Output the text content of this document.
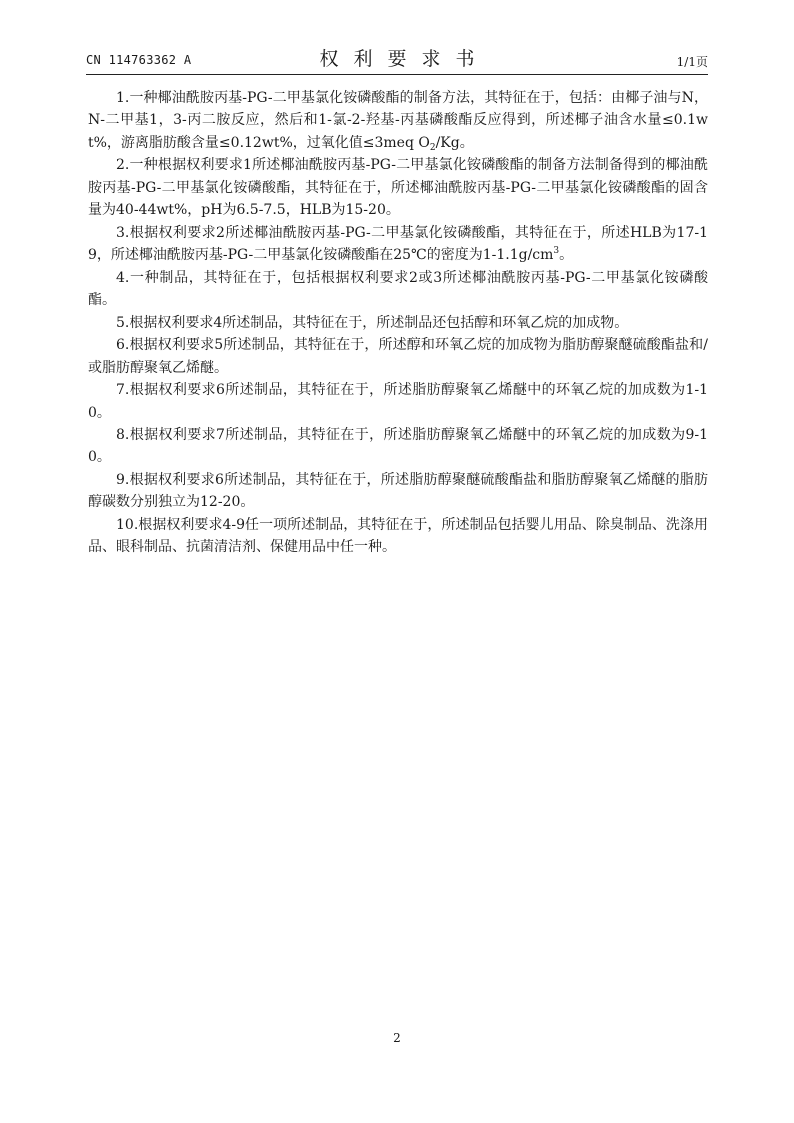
CN 114763362 A	权利要求书	1/1页

1.一种椰油酰胺丙基-PG-二甲基氯化铵磷酸酯的制备方法，其特征在于，包括：由椰子油与N，N-二甲基1，3-丙二胺反应，然后和1-氯-2-羟基-丙基磷酸酯反应得到，所述椰子油含水量≤0.1wt%，游离脂肪酸含量≤0.12wt%，过氧化值≤3meq $O_2/Kg$。

2.一种根据权利要求1所述椰油酰胺丙基-PG-二甲基氯化铵磷酸酯的制备方法制备得到的椰油酰胺丙基-PG-二甲基氯化铵磷酸酯，其特征在于，所述椰油酰胺丙基-PG-二甲基氯化铵磷酸酯的固含量为40-44wt%，pH为6.5-7.5，HLB为15-20。

3.根据权利要求2所述椰油酰胺丙基-PG-二甲基氯化铵磷酸酯，其特征在于，所述HLB为17-19，所述椰油酰胺丙基-PG-二甲基氯化铵磷酸酯在25℃的密度为$1-1.1g/cm^3$。

4.一种制品，其特征在于，包括根据权利要求2或3所述椰油酰胺丙基-PG-二甲基氯化铵磷酸酯。

5.根据权利要求4所述制品，其特征在于，所述制品还包括醇和环氧乙烷的加成物。

6.根据权利要求5所述制品，其特征在于，所述醇和环氧乙烷的加成物为脂肪醇聚醚硫酸酯盐和/或脂肪醇聚氧乙烯醚。

7.根据权利要求6所述制品，其特征在于，所述脂肪醇聚氧乙烯醚中的环氧乙烷的加成数为1-10。

8.根据权利要求7所述制品，其特征在于，所述脂肪醇聚氧乙烯醚中的环氧乙烷的加成数为9-10。

9.根据权利要求6所述制品，其特征在于，所述脂肪醇聚醚硫酸酯盐和脂肪醇聚氧乙烯醚的脂肪醇碳数分别独立为12-20。

10.根据权利要求4-9任一项所述制品，其特征在于，所述制品包括婴儿用品、除臭制品、洗涤用品、眼科制品、抗菌清洁剂、保健用品中任一种。

2
